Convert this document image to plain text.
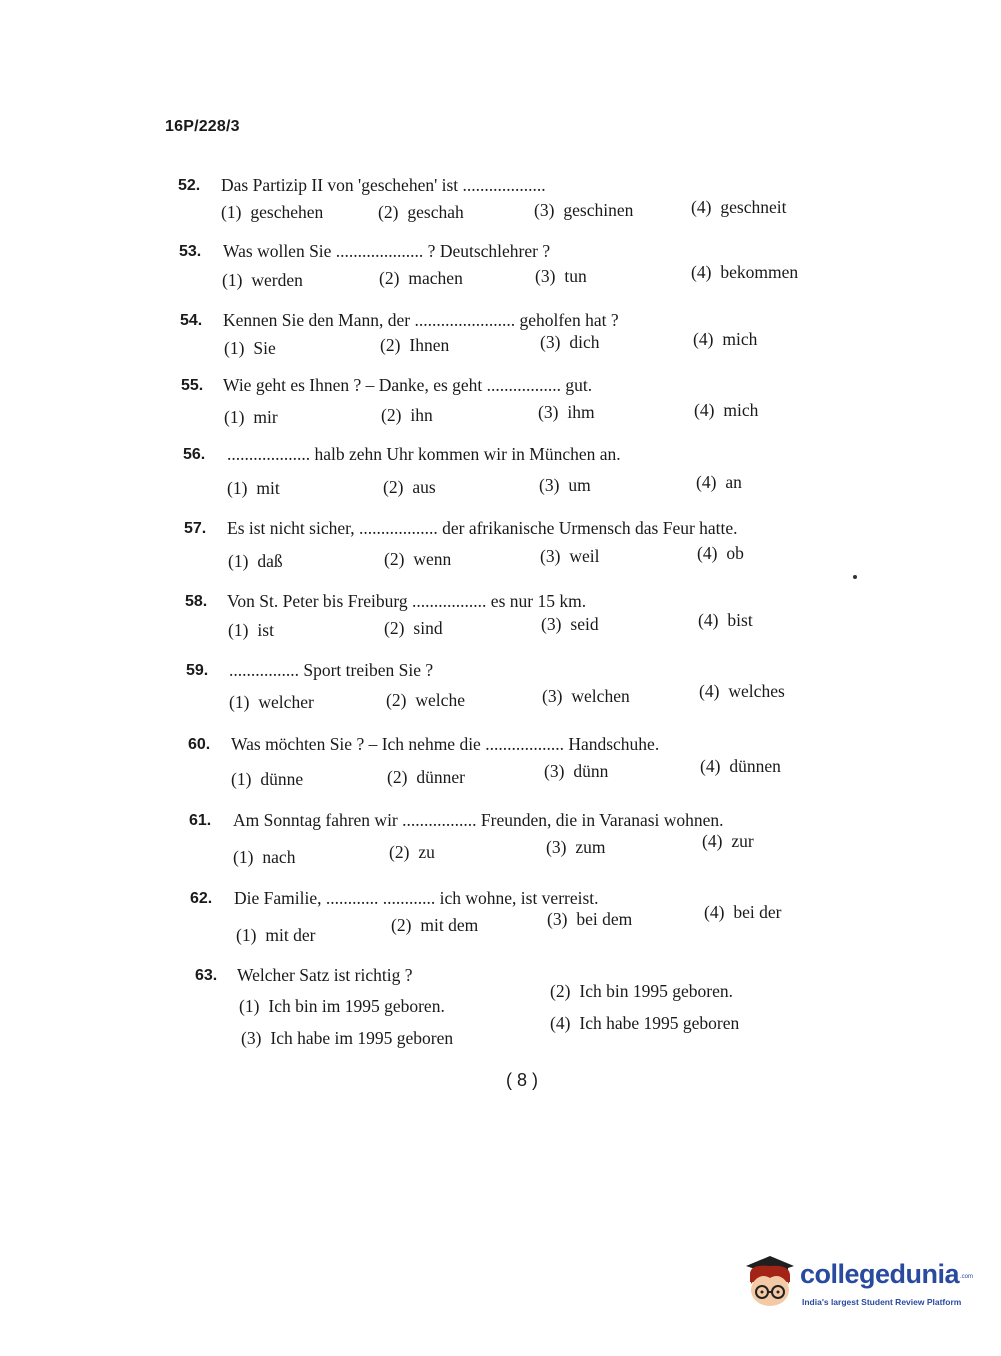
16P/228/3
52.	Das Partizip II von 'geschehen' ist ...................
(1) geschehen	(2) geschah	(3) geschinen	(4) geschneit
53.	Was wollen Sie .................... ? Deutschlehrer ?
(1) werden	(2) machen	(3) tun	(4) bekommen
54.	Kennen Sie den Mann, der ....................... geholfen hat ?
(1) Sie	(2) Ihnen	(3) dich	(4) mich
55.	Wie geht es Ihnen ? – Danke, es geht ................. gut.
(1) mir	(2) ihn	(3) ihm	(4) mich
56.	................... halb zehn Uhr kommen wir in München an.
(1) mit	(2) aus	(3) um	(4) an
57.	Es ist nicht sicher, .................. der afrikanische Urmensch das Feur hatte.
(1) daß	(2) wenn	(3) weil	(4) ob
58.	Von St. Peter bis Freiburg ................. es nur 15 km.
(1) ist	(2) sind	(3) seid	(4) bist
59.	................ Sport treiben Sie ?
(1) welcher	(2) welche	(3) welchen	(4) welches
60.	Was möchten Sie ? – Ich nehme die .................. Handschuhe.
(1) dünne	(2) dünner	(3) dünn	(4) dünnen
61.	Am Sonntag fahren wir ................. Freunden, die in Varanasi wohnen.
(1) nach	(2) zu	(3) zum	(4) zur
62.	Die Familie, ............ ............ ich wohne, ist verreist.
(1) mit der	(2) mit dem	(3) bei dem	(4) bei der
63.	Welcher Satz ist richtig ?
(1) Ich bin im 1995 geboren.
(2) Ich bin 1995 geboren.
(3) Ich habe im 1995 geboren
(4) Ich habe 1995 geboren
( 8 )
collegedunia .com
India's largest Student Review Platform
